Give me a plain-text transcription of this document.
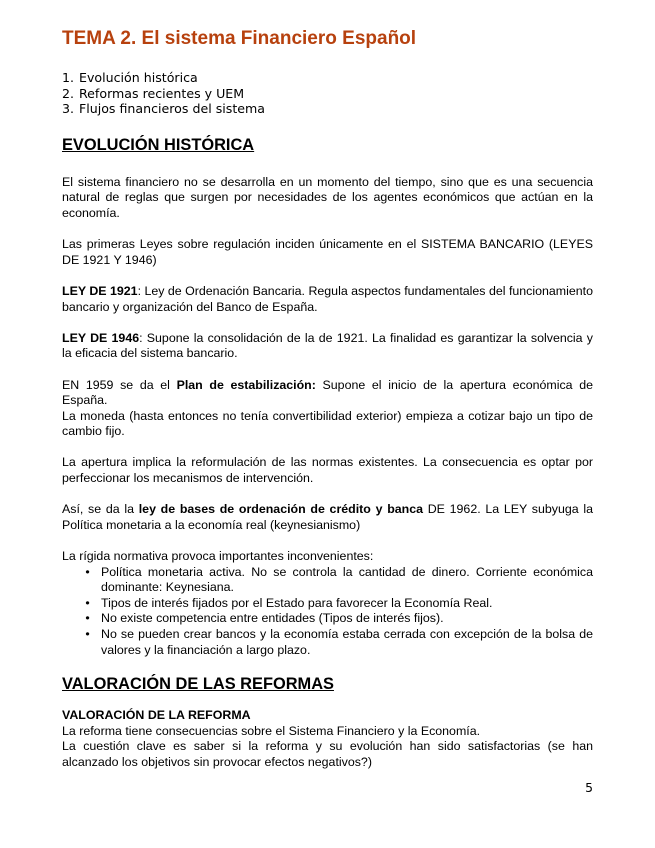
TEMA 2. El sistema Financiero Español
1. Evolución histórica
2. Reformas recientes y UEM
3. Flujos financieros del sistema
EVOLUCIÓN HISTÓRICA

El sistema financiero no se desarrolla en un momento del tiempo, sino que es una secuencia natural de reglas que surgen por necesidades de los agentes económicos que actúan en la economía.

Las primeras Leyes sobre regulación inciden únicamente en el SISTEMA BANCARIO (LEYES DE 1921 Y 1946)

LEY DE 1921: Ley de Ordenación Bancaria. Regula aspectos fundamentales del funcionamiento bancario y organización del Banco de España.

LEY DE 1946: Supone la consolidación de la de 1921. La finalidad es garantizar la solvencia y la eficacia del sistema bancario.

EN 1959 se da el Plan de estabilización: Supone el inicio de la apertura económica de España.

La moneda (hasta entonces no tenía convertibilidad exterior) empieza a cotizar bajo un tipo de cambio fijo.

La apertura implica la reformulación de las normas existentes. La consecuencia es optar por perfeccionar los mecanismos de intervención.

Así, se da la ley de bases de ordenación de crédito y banca DE 1962. La LEY subyuga la Política monetaria a la economía real (keynesianismo)

La rígida normativa provoca importantes inconvenientes:

• Política monetaria activa. No se controla la cantidad de dinero. Corriente económica dominante: Keynesiana.
• Tipos de interés fijados por el Estado para favorecer la Economía Real.
• No existe competencia entre entidades (Tipos de interés fijos).
• No se pueden crear bancos y la economía estaba cerrada con excepción de la bolsa de valores y la financiación a largo plazo.
VALORACIÓN DE LAS REFORMAS
VALORACIÓN DE LA REFORMA

La reforma tiene consecuencias sobre el Sistema Financiero y la Economía.

La cuestión clave es saber si la reforma y su evolución han sido satisfactorias (se han alcanzado los objetivos sin provocar efectos negativos?)

5
